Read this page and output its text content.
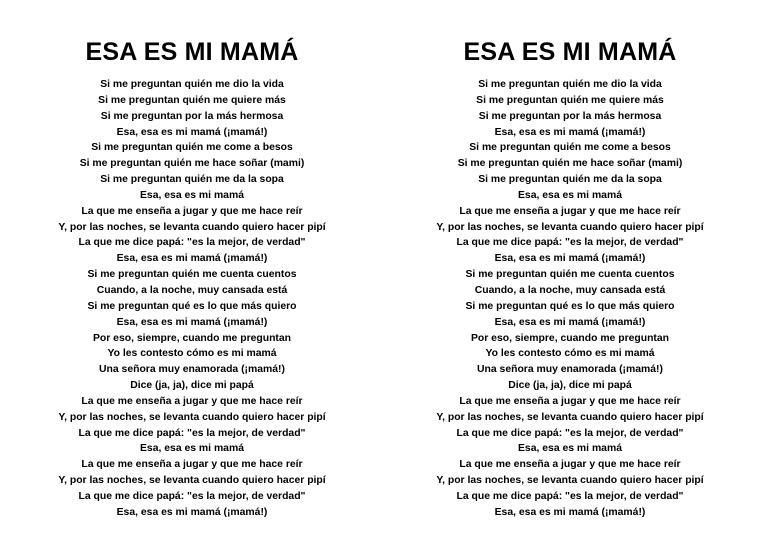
ESA ES MI MAMÁ
Si me preguntan quién me dio la vida
Si me preguntan quién me quiere más
Si me preguntan por la más hermosa
Esa, esa es mi mamá (¡mamá!)
Si me preguntan quién me come a besos
Si me preguntan quién me hace soñar (mami)
Si me preguntan quién me da la sopa
Esa, esa es mi mamá
La que me enseña a jugar y que me hace reír
Y, por las noches, se levanta cuando quiero hacer pipí
La que me dice papá: "es la mejor, de verdad"
Esa, esa es mi mamá (¡mamá!)
Si me preguntan quién me cuenta cuentos
Cuando, a la noche, muy cansada está
Si me preguntan qué es lo que más quiero
Esa, esa es mi mamá (¡mamá!)
Por eso, siempre, cuando me preguntan
Yo les contesto cómo es mi mamá
Una señora muy enamorada (¡mamá!)
Dice (ja, ja), dice mi papá
La que me enseña a jugar y que me hace reír
Y, por las noches, se levanta cuando quiero hacer pipí
La que me dice papá: "es la mejor, de verdad"
Esa, esa es mi mamá
La que me enseña a jugar y que me hace reír
Y, por las noches, se levanta cuando quiero hacer pipí
La que me dice papá: "es la mejor, de verdad"
Esa, esa es mi mamá (¡mamá!)
ESA ES MI MAMÁ
Si me preguntan quién me dio la vida
Si me preguntan quién me quiere más
Si me preguntan por la más hermosa
Esa, esa es mi mamá (¡mamá!)
Si me preguntan quién me come a besos
Si me preguntan quién me hace soñar (mami)
Si me preguntan quién me da la sopa
Esa, esa es mi mamá
La que me enseña a jugar y que me hace reír
Y, por las noches, se levanta cuando quiero hacer pipí
La que me dice papá: "es la mejor, de verdad"
Esa, esa es mi mamá (¡mamá!)
Si me preguntan quién me cuenta cuentos
Cuando, a la noche, muy cansada está
Si me preguntan qué es lo que más quiero
Esa, esa es mi mamá (¡mamá!)
Por eso, siempre, cuando me preguntan
Yo les contesto cómo es mi mamá
Una señora muy enamorada (¡mamá!)
Dice (ja, ja), dice mi papá
La que me enseña a jugar y que me hace reír
Y, por las noches, se levanta cuando quiero hacer pipí
La que me dice papá: "es la mejor, de verdad"
Esa, esa es mi mamá
La que me enseña a jugar y que me hace reír
Y, por las noches, se levanta cuando quiero hacer pipí
La que me dice papá: "es la mejor, de verdad"
Esa, esa es mi mamá (¡mamá!)
